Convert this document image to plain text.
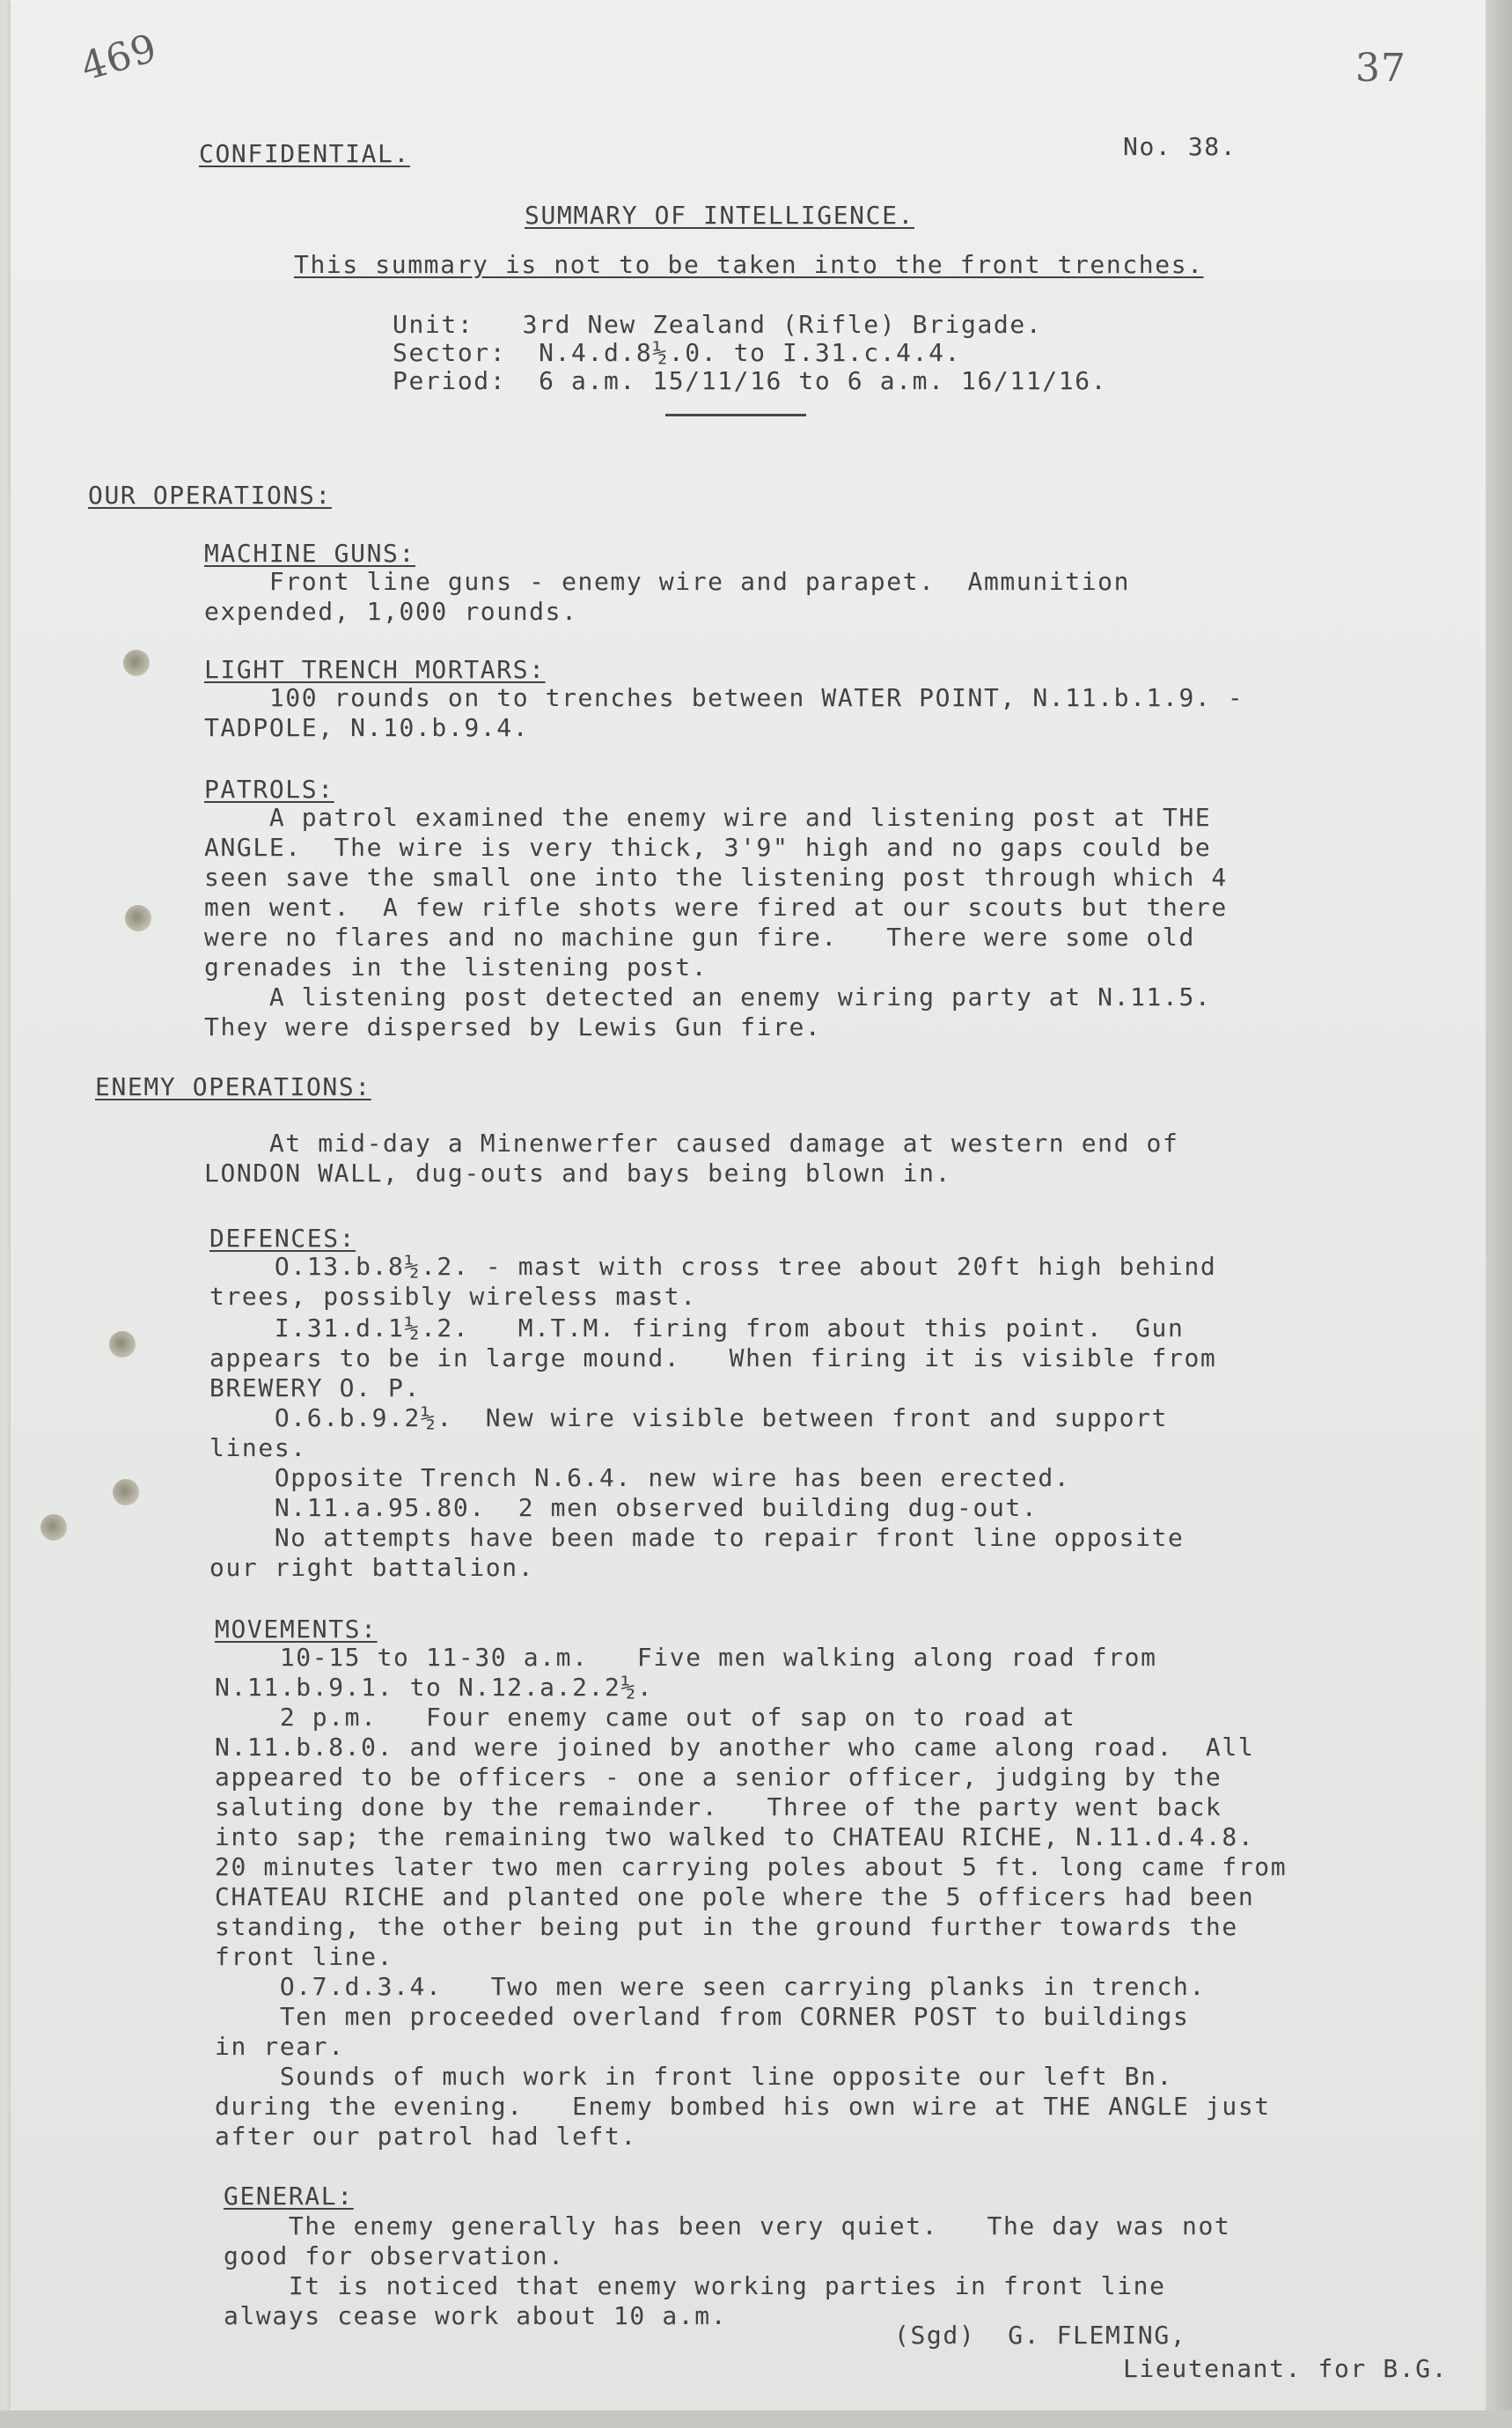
469	37
CONFIDENTIAL.	No. 38.
SUMMARY OF INTELLIGENCE.
This summary is not to be taken into the front trenches.
Unit:   3rd New Zealand (Rifle) Brigade.
Sector:  N.4.d.8½.0. to I.31.c.4.4.
Period:  6 a.m. 15/11/16 to 6 a.m. 16/11/16.
OUR OPERATIONS:
MACHINE GUNS:
Front line guns - enemy wire and parapet.  Ammunition
expended, 1,000 rounds.
LIGHT TRENCH MORTARS:
100 rounds on to trenches between WATER POINT, N.11.b.1.9. -
TADPOLE, N.10.b.9.4.
PATROLS:
A patrol examined the enemy wire and listening post at THE
ANGLE.  The wire is very thick, 3'9" high and no gaps could be
seen save the small one into the listening post through which 4
men went.  A few rifle shots were fired at our scouts but there
were no flares and no machine gun fire.   There were some old
grenades in the listening post.
A listening post detected an enemy wiring party at N.11.5.
They were dispersed by Lewis Gun fire.
ENEMY OPERATIONS:
At mid-day a Minenwerfer caused damage at western end of
LONDON WALL, dug-outs and bays being blown in.
DEFENCES:
O.13.b.8½.2. - mast with cross tree about 20ft high behind
trees, possibly wireless mast.
I.31.d.1½.2.   M.T.M. firing from about this point.  Gun
appears to be in large mound.   When firing it is visible from
BREWERY O. P.
O.6.b.9.2½.  New wire visible between front and support
lines.
Opposite Trench N.6.4. new wire has been erected.
N.11.a.95.80.  2 men observed building dug-out.
No attempts have been made to repair front line opposite
our right battalion.
MOVEMENTS:
10-15 to 11-30 a.m.   Five men walking along road from
N.11.b.9.1. to N.12.a.2.2½.
2 p.m.   Four enemy came out of sap on to road at
N.11.b.8.0. and were joined by another who came along road.  All
appeared to be officers - one a senior officer, judging by the
saluting done by the remainder.   Three of the party went back
into sap; the remaining two walked to CHATEAU RICHE, N.11.d.4.8.
20 minutes later two men carrying poles about 5 ft. long came from
CHATEAU RICHE and planted one pole where the 5 officers had been
standing, the other being put in the ground further towards the
front line.
O.7.d.3.4.   Two men were seen carrying planks in trench.
Ten men proceeded overland from CORNER POST to buildings
in rear.
Sounds of much work in front line opposite our left Bn.
during the evening.   Enemy bombed his own wire at THE ANGLE just
after our patrol had left.
GENERAL:
The enemy generally has been very quiet.   The day was not
good for observation.
It is noticed that enemy working parties in front line
always cease work about 10 a.m.
(Sgd)  G. FLEMING,
Lieutenant. for B.G.
